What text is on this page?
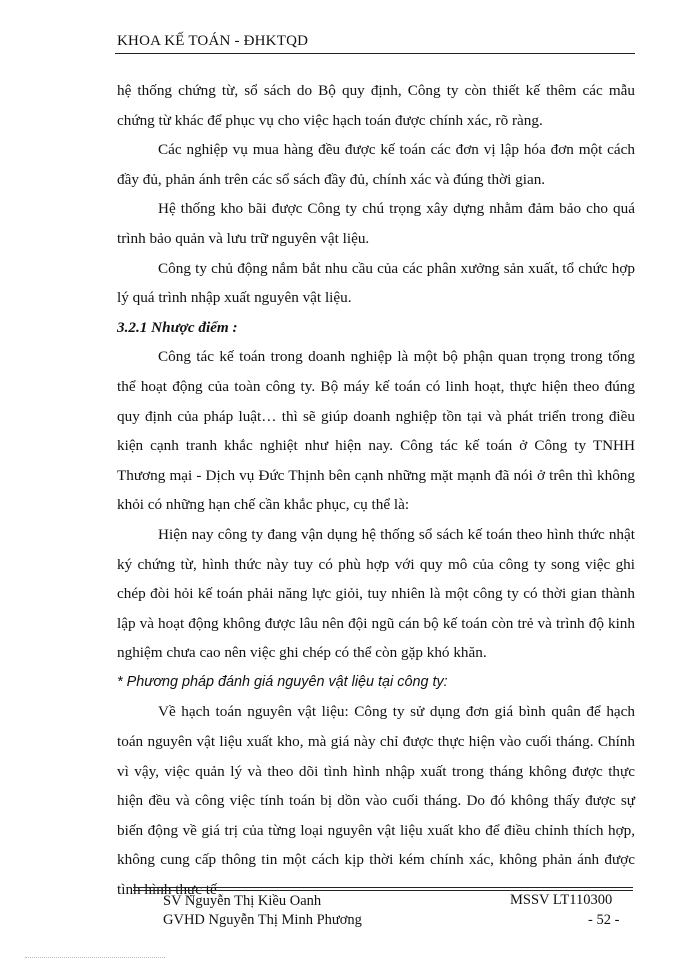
KHOA KẾ TOÁN - ĐHKTQD

hệ thống chứng từ, sổ sách do Bộ quy định, Công ty còn thiết kế thêm các mẫu chứng từ khác để phục vụ cho việc hạch toán được chính xác, rõ ràng.

Các nghiệp vụ mua hàng đều được kế toán các đơn vị lập hóa đơn một cách đầy đủ, phản ánh trên các sổ sách đầy đủ, chính xác và đúng thời gian.

Hệ thống kho bãi được Công ty chú trọng xây dựng nhằm đảm bảo cho quá trình bảo quản và lưu trữ nguyên vật liệu.

Công ty chủ động nắm bắt nhu cầu của các phân xưởng sản xuất, tổ chức hợp lý quá trình nhập xuất nguyên vật liệu.

3.2.1 Nhược điểm :

Công tác kế toán trong doanh nghiệp là một bộ phận quan trọng trong tổng thể hoạt động của toàn công ty. Bộ máy kế toán có linh hoạt, thực hiện theo đúng quy định của pháp luật… thì sẽ giúp doanh nghiệp tồn tại và phát triển trong điều kiện cạnh tranh khắc nghiệt như hiện nay. Công tác kế toán ở Công ty TNHH Thương mại - Dịch vụ Đức Thịnh bên cạnh những mặt mạnh đã nói ở trên thì không khỏi có những hạn chế cần khắc phục, cụ thể là:

Hiện nay công ty đang vận dụng hệ thống sổ sách kế toán theo hình thức nhật ký chứng từ, hình thức này tuy có phù hợp với quy mô của công ty song việc ghi chép đòi hỏi kế toán phải năng lực giỏi, tuy nhiên là một công ty có thời gian thành lập và hoạt động không được lâu nên đội ngũ cán bộ kế toán còn trẻ và trình độ kinh nghiệm chưa cao nên việc ghi chép có thể còn gặp khó khăn.

* Phương pháp đánh giá nguyên vật liệu tại công ty:

Về hạch toán nguyên vật liệu: Công ty sử dụng đơn giá bình quân để hạch toán nguyên vật liệu xuất kho, mà giá này chỉ được thực hiện vào cuối tháng. Chính vì vậy, việc quản lý và theo dõi tình hình nhập xuất trong tháng không được thực hiện đều và công việc tính toán bị dồn vào cuối tháng. Do đó không thấy được sự biến động về giá trị của từng loại nguyên vật liệu xuất kho để điều chỉnh thích hợp, không cung cấp thông tin một cách kịp thời kém chính xác, không phản ánh được tình hình thực tế

SV Nguyễn Thị Kiều Oanh
GVHD Nguyễn Thị Minh Phương
MSSV LT110300
- 52 -
